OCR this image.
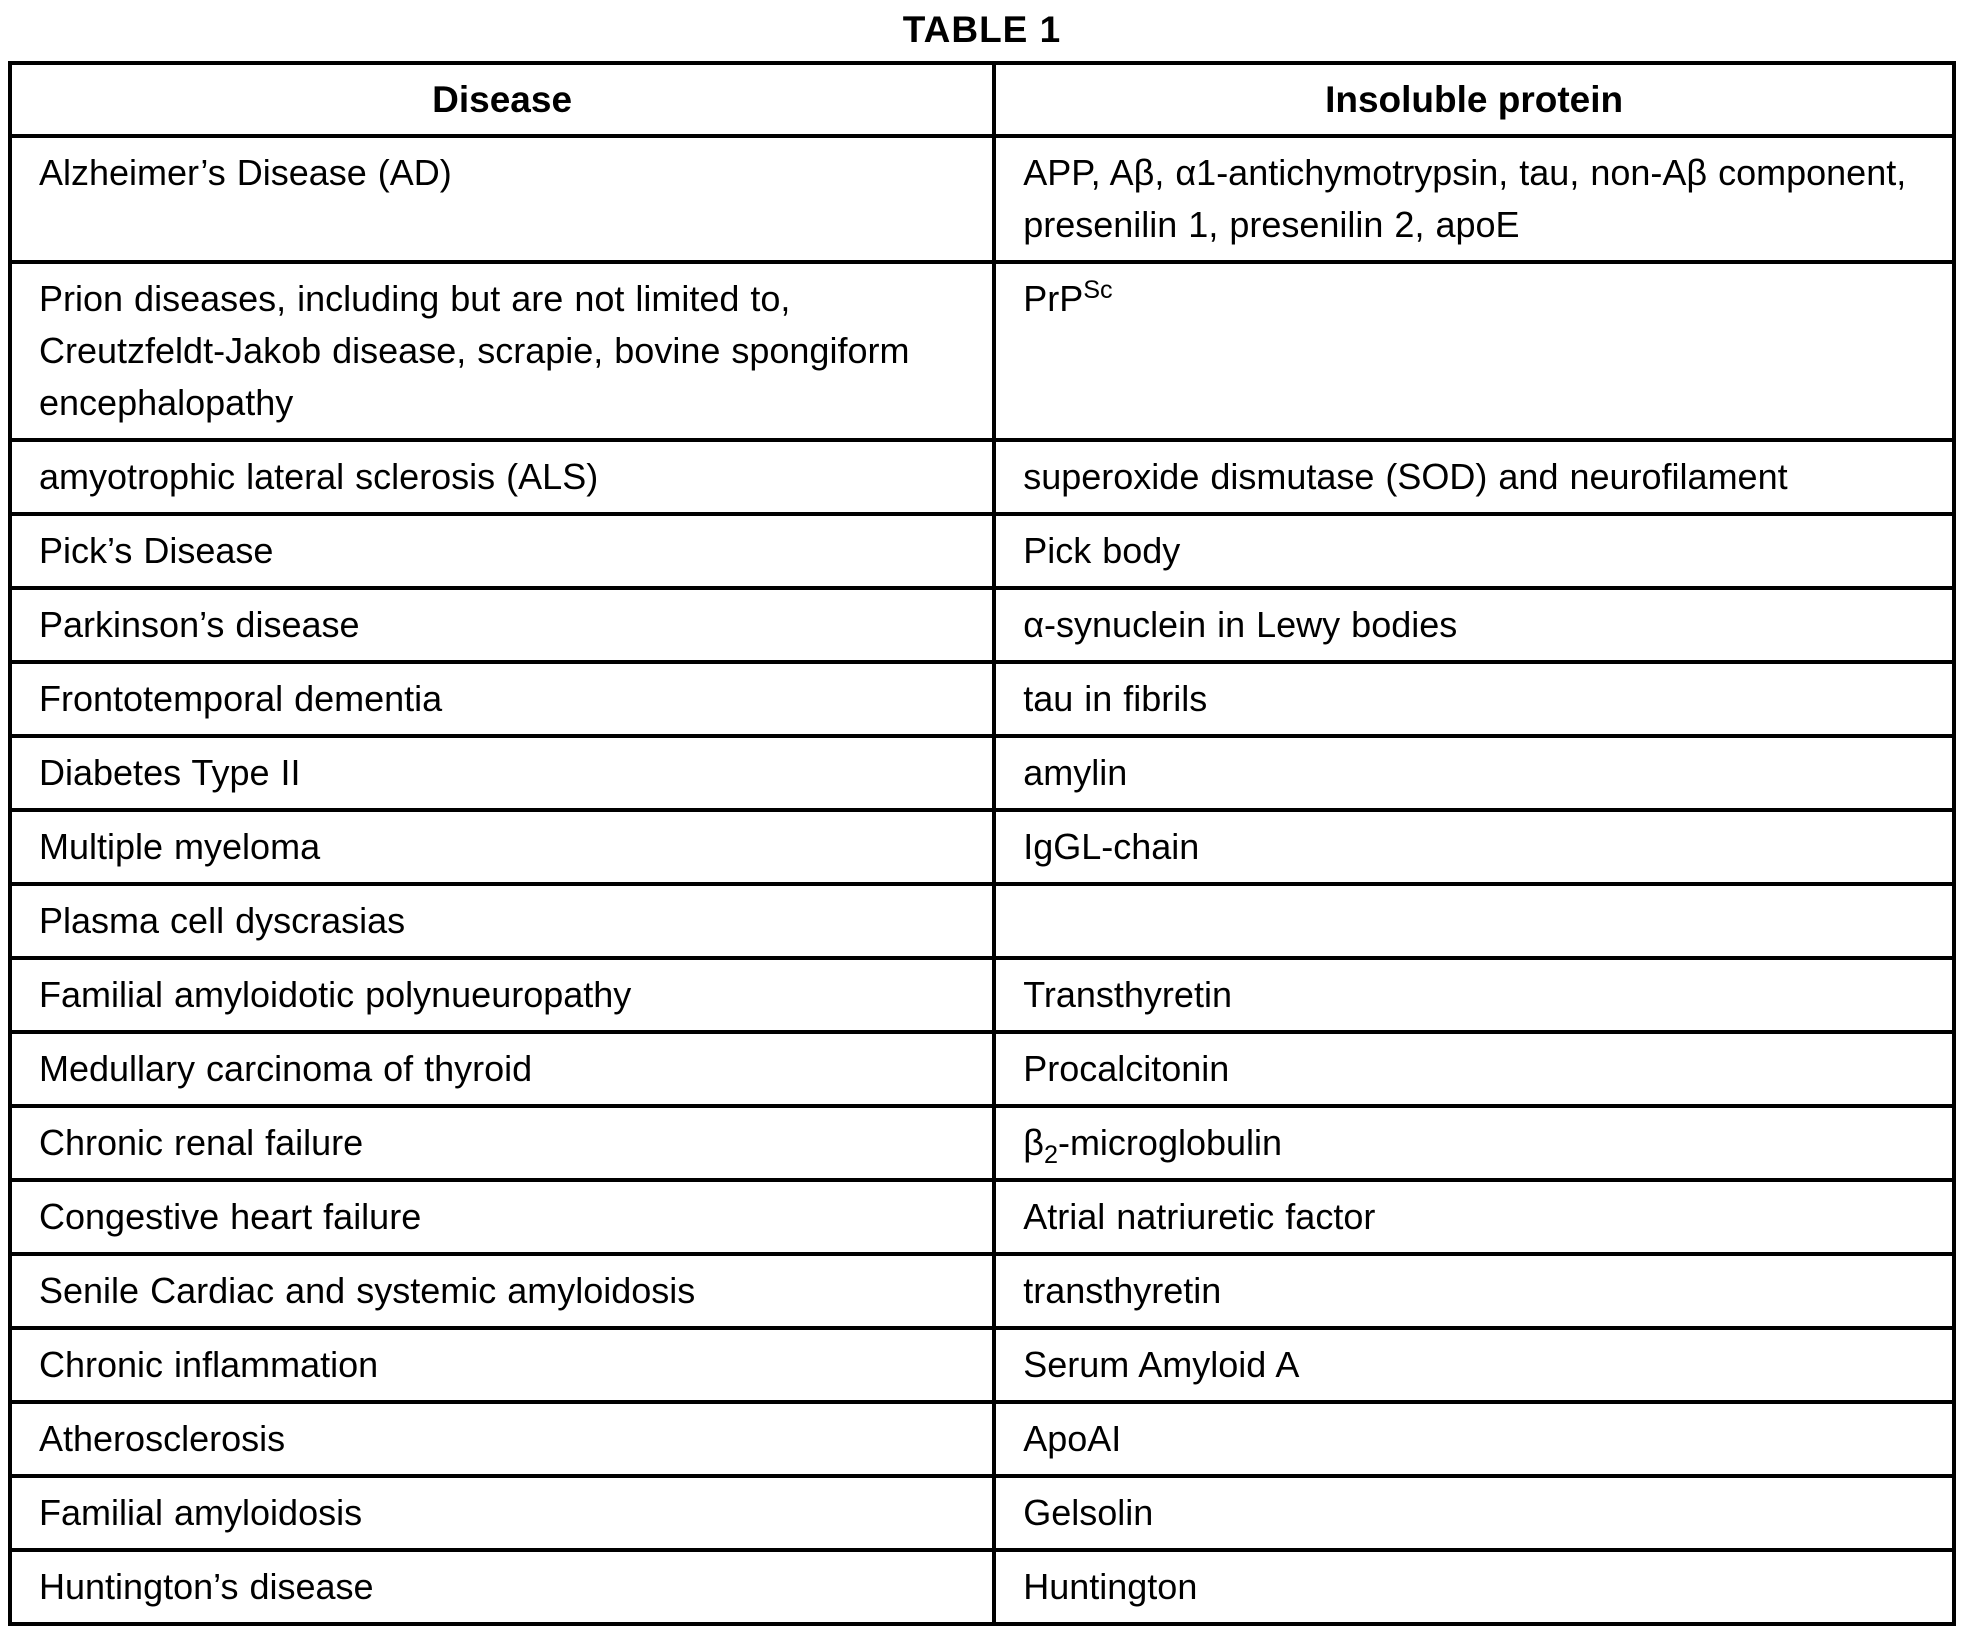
TABLE 1
Disease	Insoluble protein
Alzheimer’s Disease (AD)	APP, Aβ, α1-antichymotrypsin, tau, non-Aβ component, presenilin 1, presenilin 2, apoE
Prion diseases, including but are not limited to, Creutzfeldt-Jakob disease, scrapie, bovine spongiform encephalopathy	PrP$^{Sc}$
amyotrophic lateral sclerosis (ALS)	superoxide dismutase (SOD) and neurofilament
Pick’s Disease	Pick body
Parkinson’s disease	α-synuclein in Lewy bodies
Frontotemporal dementia	tau in fibrils
Diabetes Type II	amylin
Multiple myeloma	IgGL-chain
Plasma cell dyscrasias	
Familial amyloidotic polynueuropathy	Transthyretin
Medullary carcinoma of thyroid	Procalcitonin
Chronic renal failure	$\beta_2$-microglobulin
Congestive heart failure	Atrial natriuretic factor
Senile Cardiac and systemic amyloidosis	transthyretin
Chronic inflammation	Serum Amyloid A
Atherosclerosis	ApoAI
Familial amyloidosis	Gelsolin
Huntington’s disease	Huntington
